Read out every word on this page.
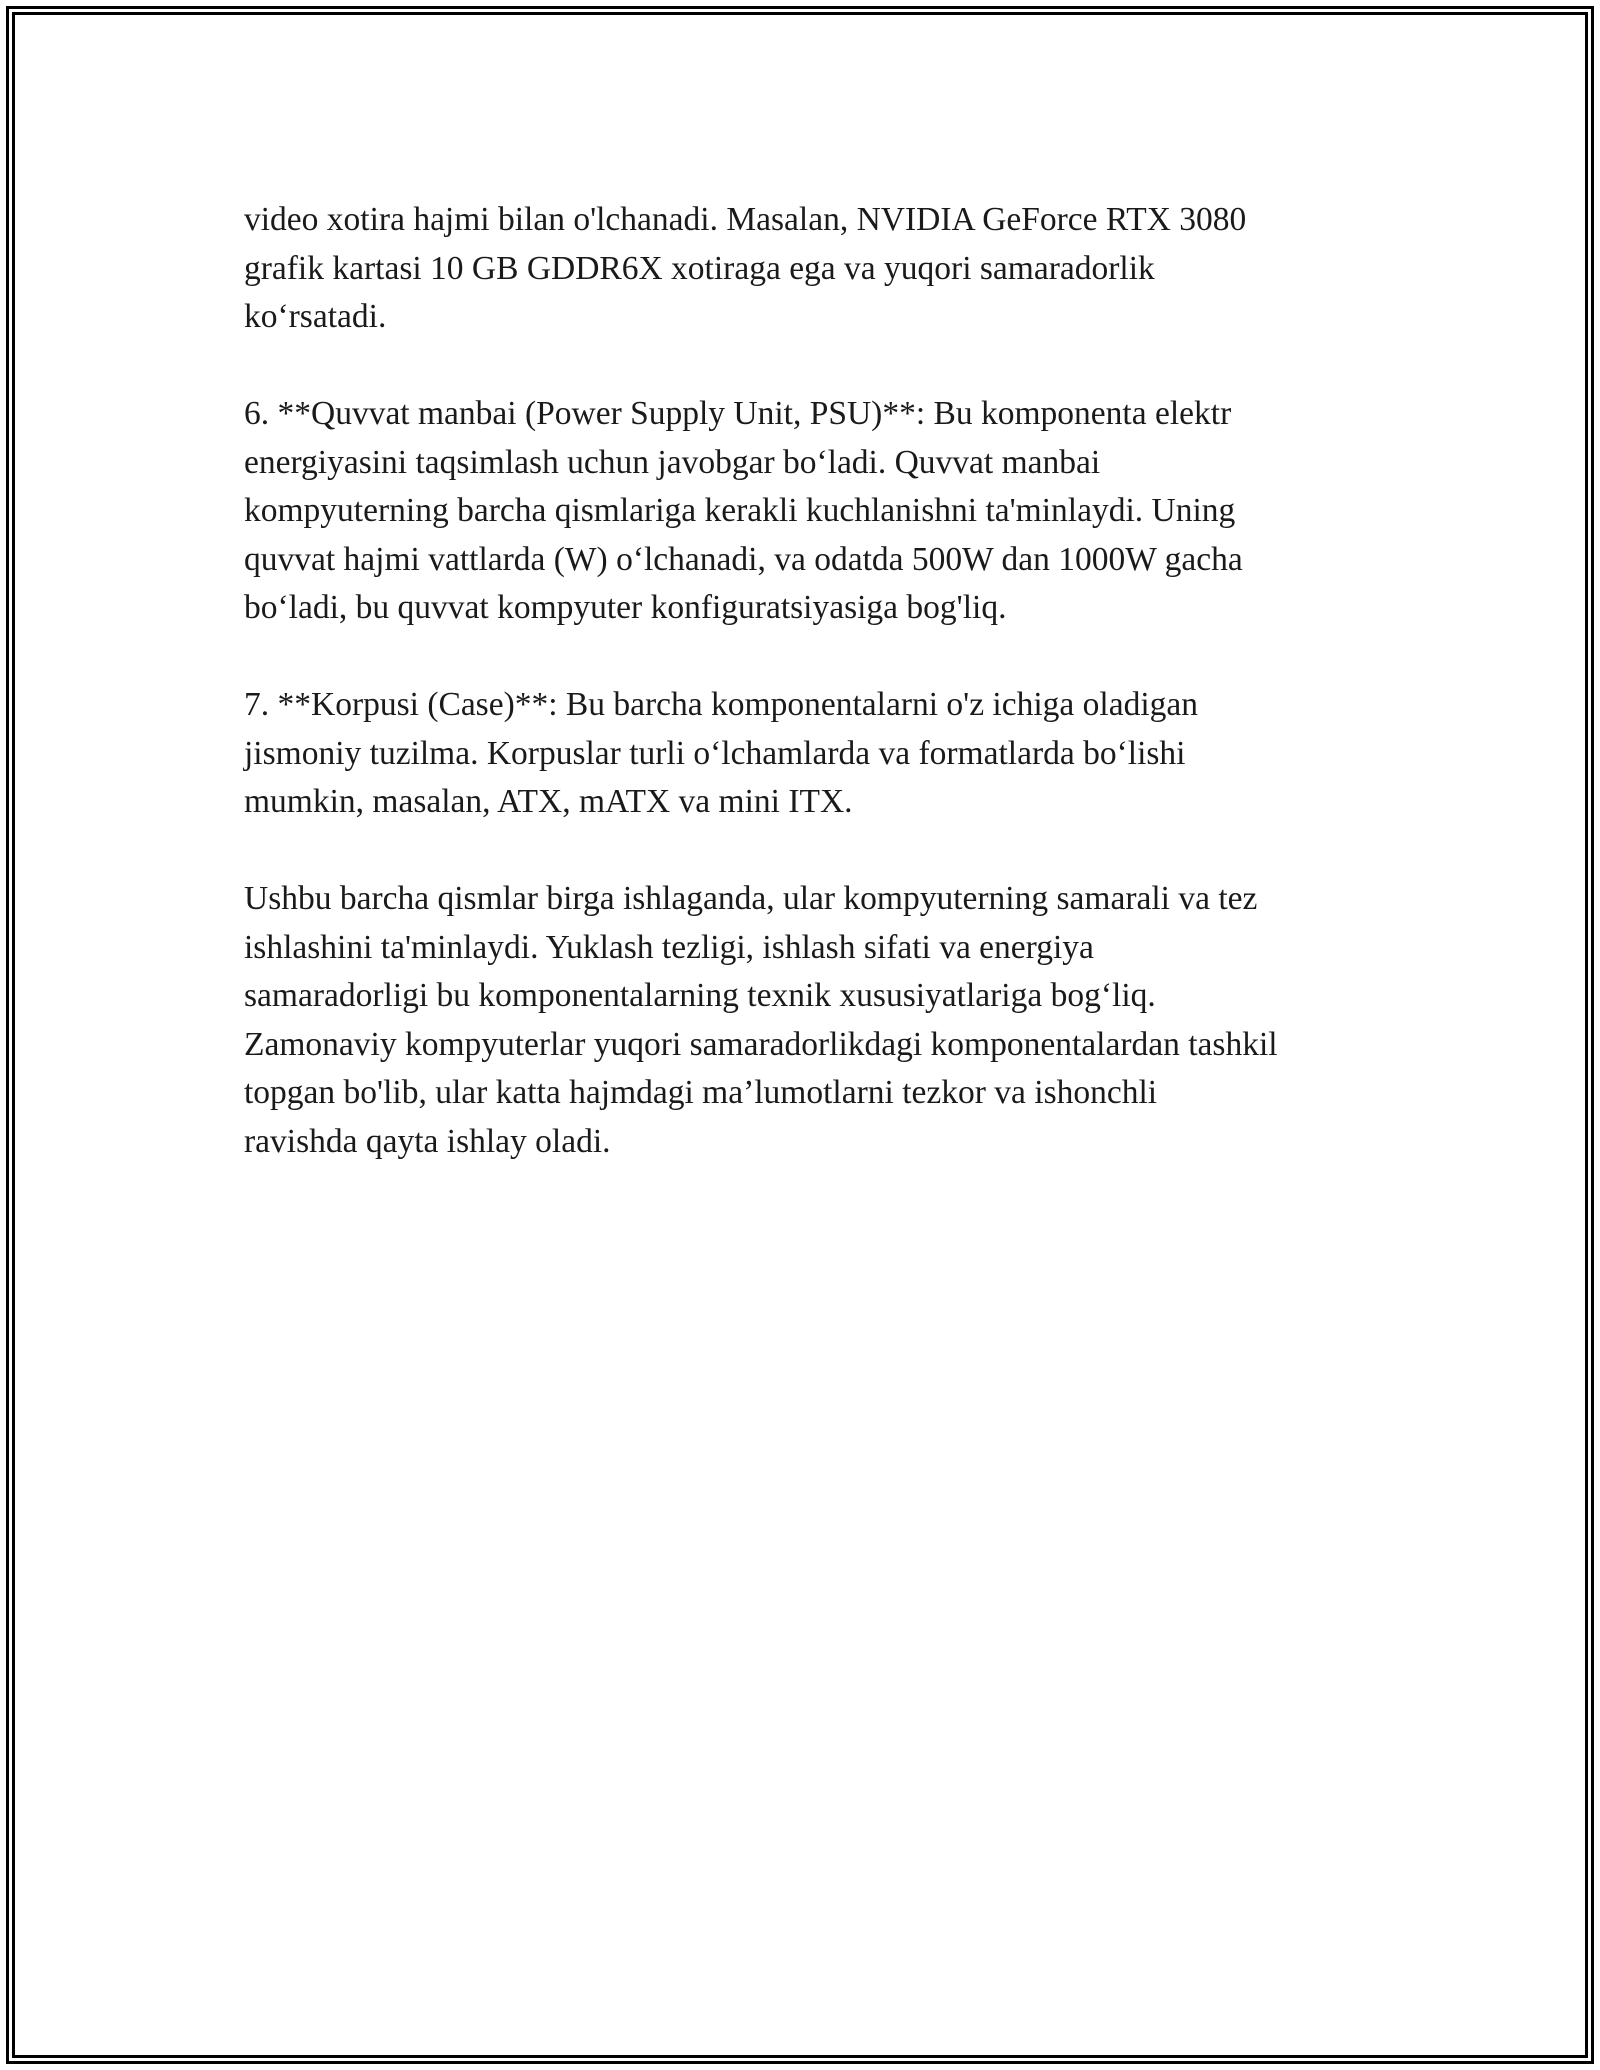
video xotira hajmi bilan o'lchanadi. Masalan, NVIDIA GeForce RTX 3080
grafik kartasi 10 GB GDDR6X xotiraga ega va yuqori samaradorlik
ko‘rsatadi.

6. **Quvvat manbai (Power Supply Unit, PSU)**: Bu komponenta elektr
energiyasini taqsimlash uchun javobgar bo‘ladi. Quvvat manbai
kompyuterning barcha qismlariga kerakli kuchlanishni ta'minlaydi. Uning
quvvat hajmi vattlarda (W) o‘lchanadi, va odatda 500W dan 1000W gacha
bo‘ladi, bu quvvat kompyuter konfiguratsiyasiga bog'liq.

7. **Korpusi (Case)**: Bu barcha komponentalarni o'z ichiga oladigan
jismoniy tuzilma. Korpuslar turli o‘lchamlarda va formatlarda bo‘lishi
mumkin, masalan, ATX, mATX va mini ITX.

Ushbu barcha qismlar birga ishlaganda, ular kompyuterning samarali va tez
ishlashini ta'minlaydi. Yuklash tezligi, ishlash sifati va energiya
samaradorligi bu komponentalarning texnik xususiyatlariga bog‘liq.
Zamonaviy kompyuterlar yuqori samaradorlikdagi komponentalardan tashkil
topgan bo'lib, ular katta hajmdagi ma’lumotlarni tezkor va ishonchli
ravishda qayta ishlay oladi.
